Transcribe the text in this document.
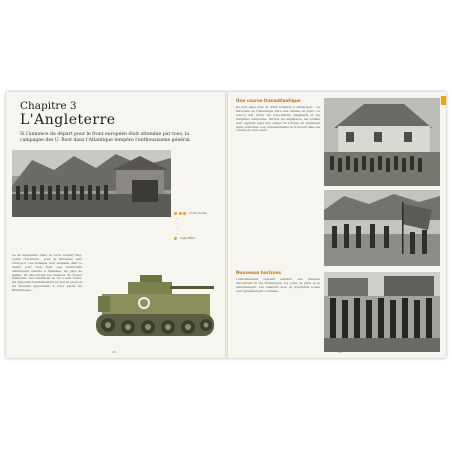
Chapitre 3
L'Angleterre
Si l'annonce du départ pour le front européen était attendue par tous, la campagne des U. Boot dans l'Atlantique tempère l'enthousiasme général.
Unité blindée
...
...
...
...
Sigle M8A1
Le 24 septembre 1942, le 101st Cavalry Reg. quitte l'Intérieur... pour la traversée vers Liverpool. Les hommes sont entassés dans le navire pour New York. Les Américains débarquent ensuite à Swansea, au pays de Galles. Ils découvrent les maisons de Gower Peninsula. Les conditions de vie y sont rudes. Un dispositif d'entraînement se met en place et les hommes apprennent à vivre parmi les Britanniques...
28
Une course transatlantique
Ils sont ainsi près de 4000 hommes à embarquer... La traversée de l'Atlantique dure une dizaine de jours. Le convoi doit éviter les sous-marins allemands et les tempêtes d'automne. Arrivés en Angleterre, les soldats sont répartis dans des camps de fortune en attendant leurs véhicules. Les cantonnements se trouvent dans les comtés du sud-ouest...
Nouveaux horizons
L'entraînement reprend aussitôt. Les hommes découvrent la vie britannique, les pubs, la pluie et le rationnement. Les relations avec la population locale sont généralement cordiales...
29
